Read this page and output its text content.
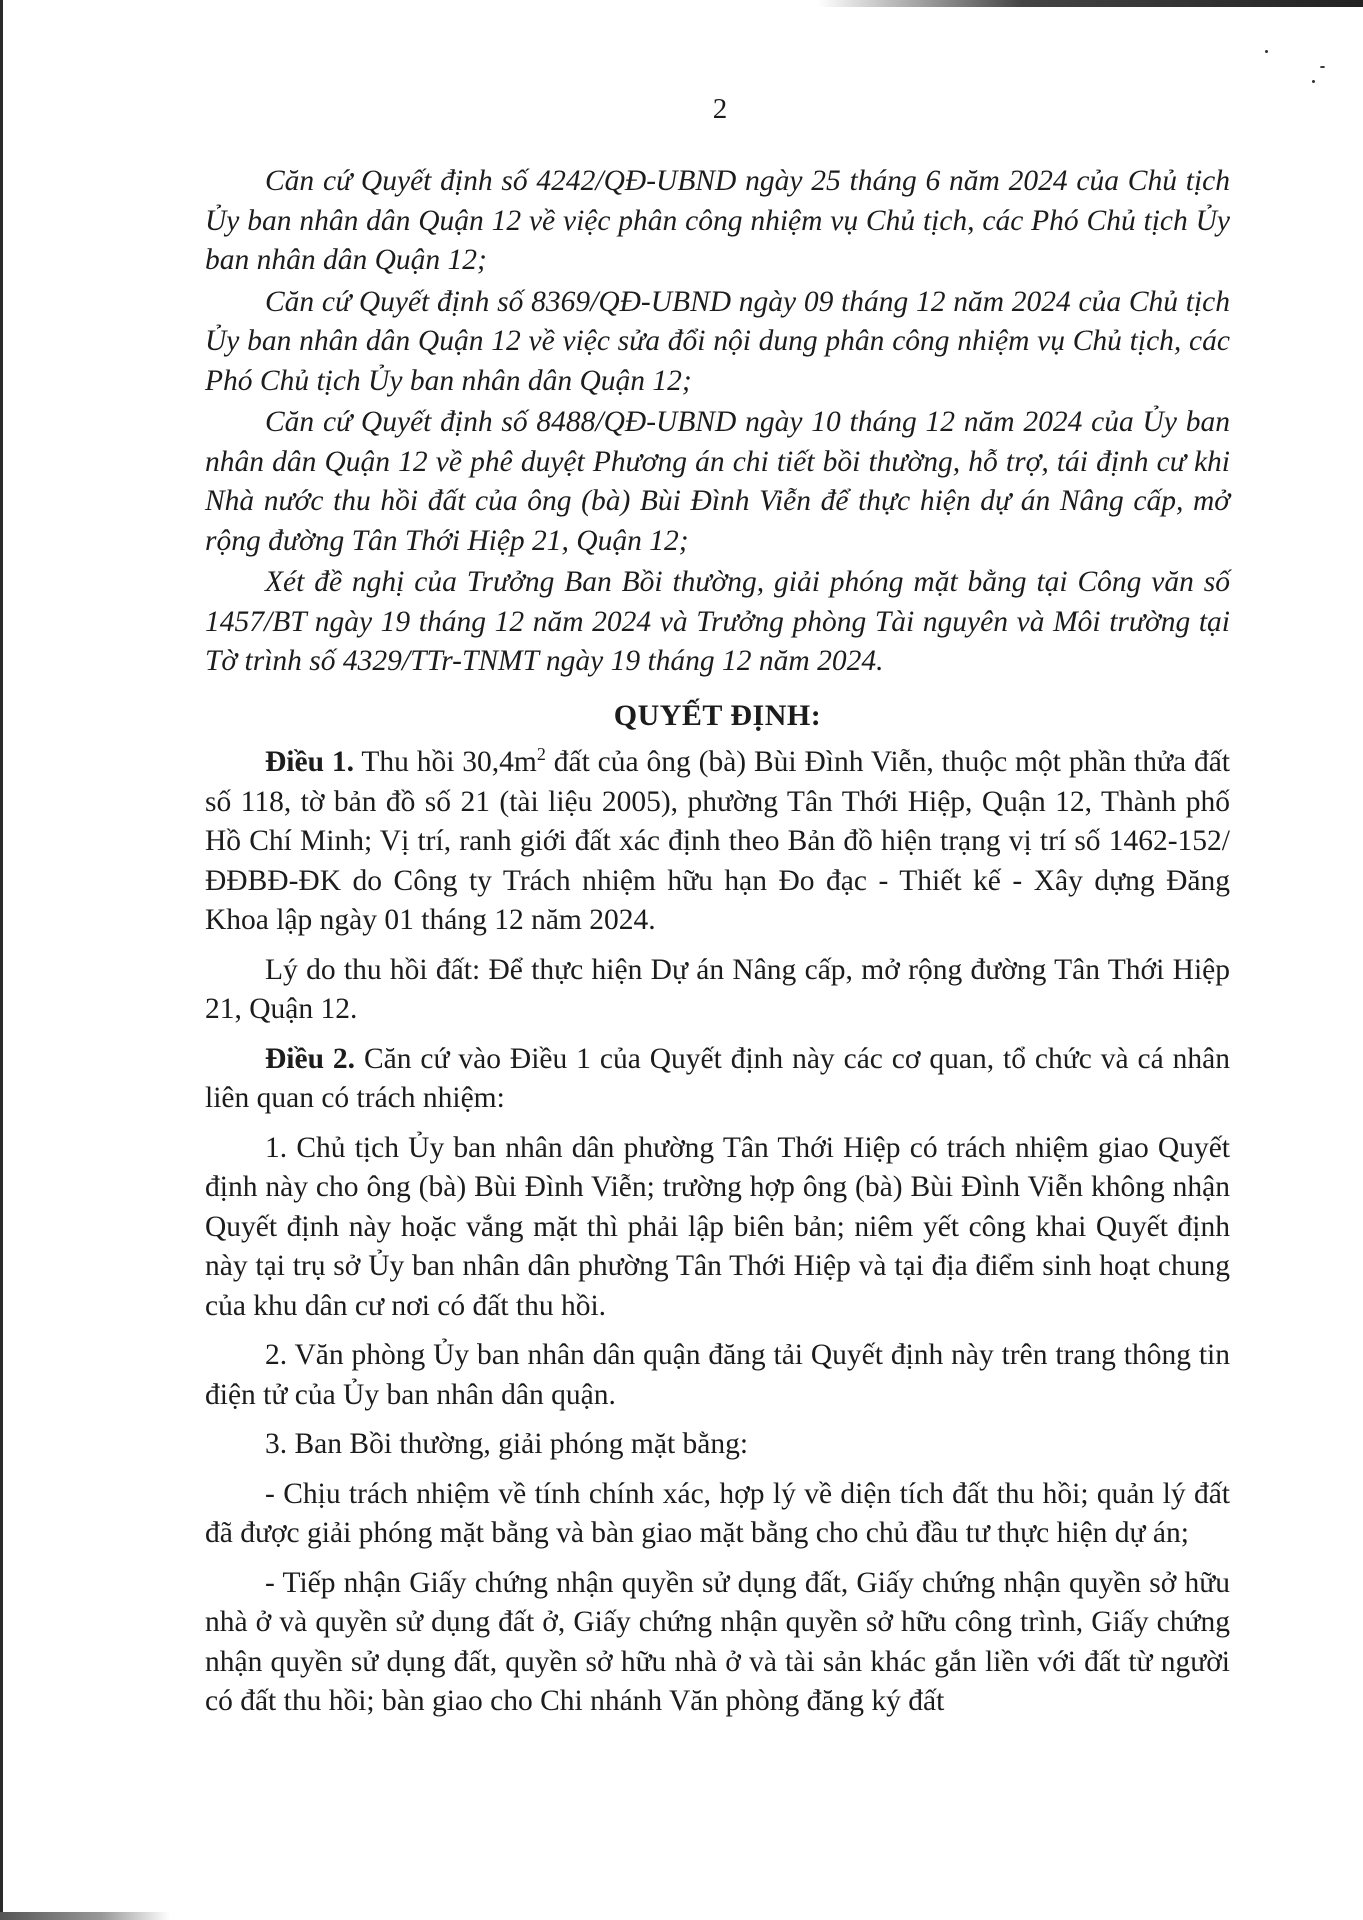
2

Căn cứ Quyết định số 4242/QĐ-UBND ngày 25 tháng 6 năm 2024 của Chủ tịch Ủy ban nhân dân Quận 12 về việc phân công nhiệm vụ Chủ tịch, các Phó Chủ tịch Ủy ban nhân dân Quận 12;

Căn cứ Quyết định số 8369/QĐ-UBND ngày 09 tháng 12 năm 2024 của Chủ tịch Ủy ban nhân dân Quận 12 về việc sửa đổi nội dung phân công nhiệm vụ Chủ tịch, các Phó Chủ tịch Ủy ban nhân dân Quận 12;

Căn cứ Quyết định số 8488/QĐ-UBND ngày 10 tháng 12 năm 2024 của Ủy ban nhân dân Quận 12 về phê duyệt Phương án chi tiết bồi thường, hỗ trợ, tái định cư khi Nhà nước thu hồi đất của ông (bà) Bùi Đình Viễn để thực hiện dự án Nâng cấp, mở rộng đường Tân Thới Hiệp 21, Quận 12;

Xét đề nghị của Trưởng Ban Bồi thường, giải phóng mặt bằng tại Công văn số 1457/BT ngày 19 tháng 12 năm 2024 và Trưởng phòng Tài nguyên và Môi trường tại Tờ trình số 4329/TTr-TNMT ngày 19 tháng 12 năm 2024.

QUYẾT ĐỊNH:

Điều 1. Thu hồi $30,4m^2$ đất của ông (bà) Bùi Đình Viễn, thuộc một phần thửa đất số 118, tờ bản đồ số 21 (tài liệu 2005), phường Tân Thới Hiệp, Quận 12, Thành phố Hồ Chí Minh; Vị trí, ranh giới đất xác định theo Bản đồ hiện trạng vị trí số 1462-152/ĐĐBĐ-ĐK do Công ty Trách nhiệm hữu hạn Đo đạc - Thiết kế - Xây dựng Đăng Khoa lập ngày 01 tháng 12 năm 2024.

Lý do thu hồi đất: Để thực hiện Dự án Nâng cấp, mở rộng đường Tân Thới Hiệp 21, Quận 12.

Điều 2. Căn cứ vào Điều 1 của Quyết định này các cơ quan, tổ chức và cá nhân liên quan có trách nhiệm:

1. Chủ tịch Ủy ban nhân dân phường Tân Thới Hiệp có trách nhiệm giao Quyết định này cho ông (bà) Bùi Đình Viễn; trường hợp ông (bà) Bùi Đình Viễn không nhận Quyết định này hoặc vắng mặt thì phải lập biên bản; niêm yết công khai Quyết định này tại trụ sở Ủy ban nhân dân phường Tân Thới Hiệp và tại địa điểm sinh hoạt chung của khu dân cư nơi có đất thu hồi.

2. Văn phòng Ủy ban nhân dân quận đăng tải Quyết định này trên trang thông tin điện tử của Ủy ban nhân dân quận.

3. Ban Bồi thường, giải phóng mặt bằng:

- Chịu trách nhiệm về tính chính xác, hợp lý về diện tích đất thu hồi; quản lý đất đã được giải phóng mặt bằng và bàn giao mặt bằng cho chủ đầu tư thực hiện dự án;

- Tiếp nhận Giấy chứng nhận quyền sử dụng đất, Giấy chứng nhận quyền sở hữu nhà ở và quyền sử dụng đất ở, Giấy chứng nhận quyền sở hữu công trình, Giấy chứng nhận quyền sử dụng đất, quyền sở hữu nhà ở và tài sản khác gắn liền với đất từ người có đất thu hồi; bàn giao cho Chi nhánh Văn phòng đăng ký đất
